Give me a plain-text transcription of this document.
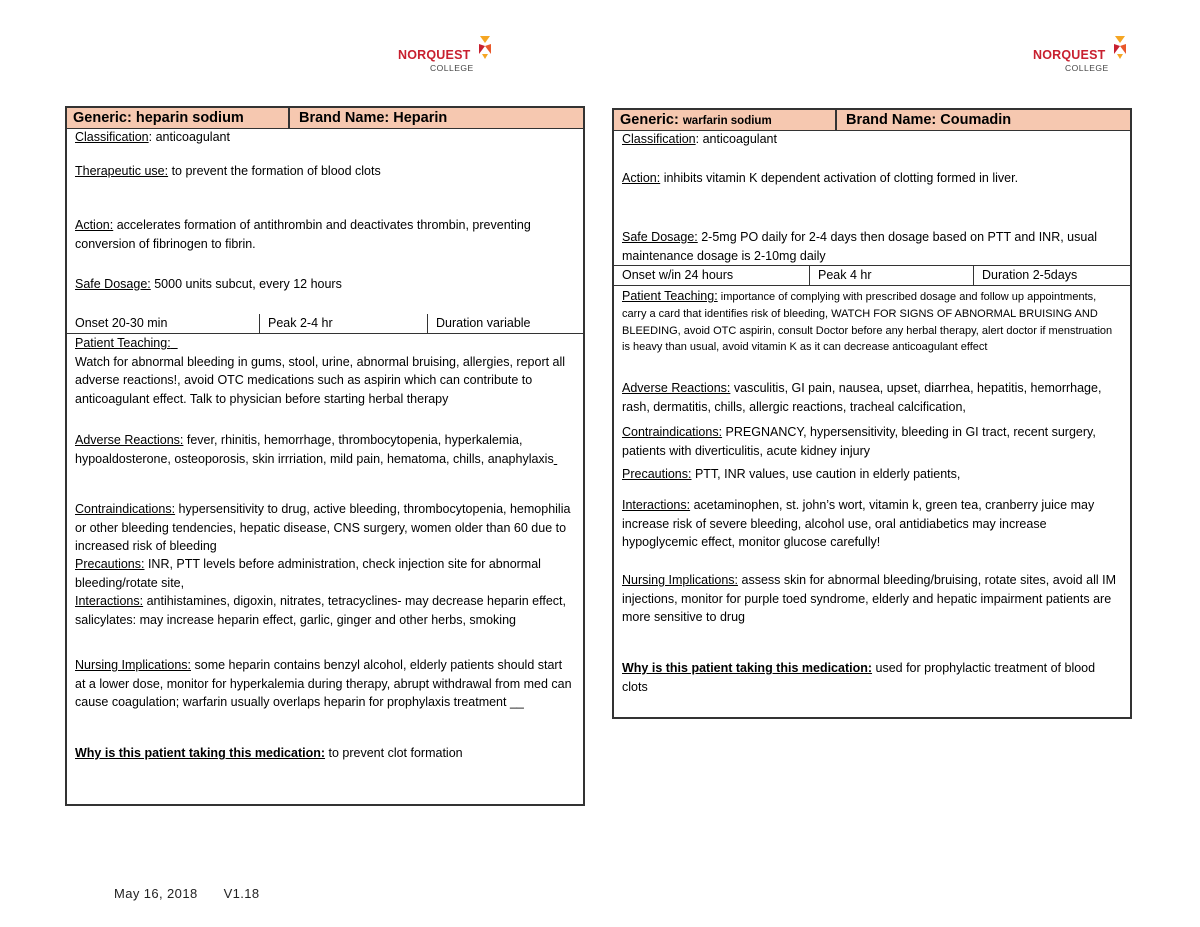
NORQUEST
COLLEGE
NORQUEST
COLLEGE
Generic: heparin sodium	Brand Name: Heparin
Classification: anticoagulant
Therapeutic use: to prevent the formation of blood clots
Action: accelerates formation of antithrombin and deactivates thrombin, preventing conversion of fibrinogen to fibrin.
Safe Dosage: 5000 units subcut, every 12 hours
Onset 20-30 min	Peak 2-4 hr	Duration variable
Patient Teaching:
Watch for abnormal bleeding in gums, stool, urine, abnormal bruising, allergies, report all adverse reactions!, avoid OTC medications such as aspirin which can contribute to anticoagulant effect. Talk to physician before starting herbal therapy
Adverse Reactions: fever, rhinitis, hemorrhage, thrombocytopenia, hyperkalemia, hypoaldosterone, osteoporosis, skin irrriation, mild pain, hematoma, chills, anaphylaxis
Contraindications: hypersensitivity to drug, active bleeding, thrombocytopenia, hemophilia or other bleeding tendencies, hepatic disease, CNS surgery, women older than 60 due to increased risk of bleeding
Precautions: INR, PTT levels before administration, check injection site for abnormal bleeding/rotate site,
Interactions: antihistamines, digoxin, nitrates, tetracyclines- may decrease heparin effect, salicylates: may increase heparin effect, garlic, ginger and other herbs, smoking
Nursing Implications: some heparin contains benzyl alcohol, elderly patients should start at a lower dose, monitor for hyperkalemia during therapy, abrupt withdrawal from med can cause coagulation; warfarin usually overlaps heparin for prophylaxis treatment __
Why is this patient taking this medication: to prevent clot formation
Generic: warfarin sodium	Brand Name: Coumadin
Classification: anticoagulant
Action: inhibits vitamin K dependent activation of clotting formed in liver.
Safe Dosage: 2-5mg PO daily for 2-4 days then dosage based on PTT and INR, usual maintenance dosage is 2-10mg daily
Onset w/in 24 hours	Peak 4 hr	Duration 2-5days
Patient Teaching: importance of complying with prescribed dosage and follow up appointments, carry a card that identifies risk of bleeding, WATCH FOR SIGNS OF ABNORMAL BRUISING AND BLEEDING, avoid OTC aspirin, consult Doctor before any herbal therapy, alert doctor if menstruation is heavy than usual, avoid vitamin K as it can decrease anticoagulant effect
Adverse Reactions: vasculitis, GI pain, nausea, upset, diarrhea, hepatitis, hemorrhage, rash, dermatitis, chills, allergic reactions, tracheal calcification,
Contraindications: PREGNANCY, hypersensitivity, bleeding in GI tract, recent surgery, patients with diverticulitis, acute kidney injury
Precautions: PTT, INR values, use caution in elderly patients,
Interactions: acetaminophen, st. john’s wort, vitamin k, green tea, cranberry juice may increase risk of severe bleeding, alcohol use, oral antidiabetics may increase hypoglycemic effect, monitor glucose carefully!
Nursing Implications: assess skin for abnormal bleeding/bruising, rotate sites, avoid all IM injections, monitor for purple toed syndrome, elderly and hepatic impairment patients are more sensitive to drug
Why is this patient taking this medication: used for prophylactic treatment of blood clots
May 16, 2018 V1.18
